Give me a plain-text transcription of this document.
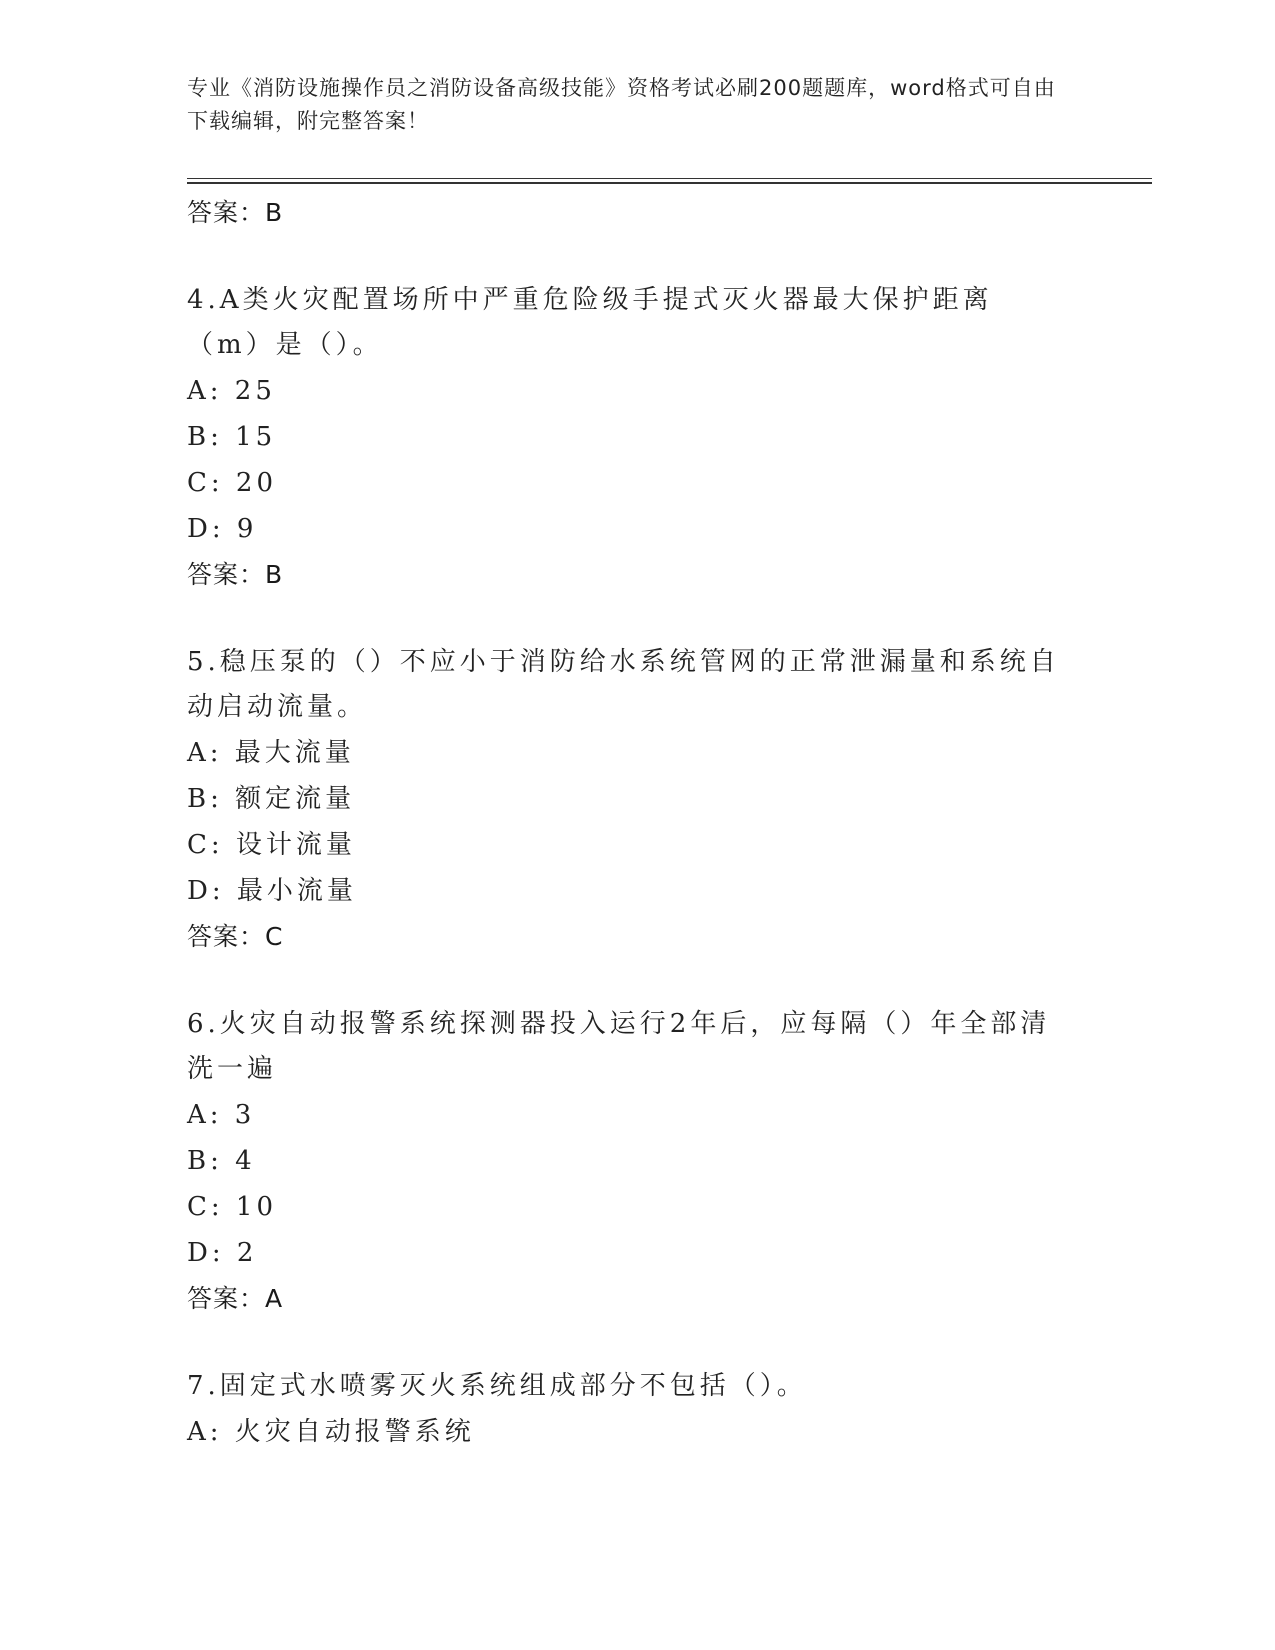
专业《消防设施操作员之消防设备高级技能》资格考试必刷200题题库，word格式可自由下载编辑，附完整答案！
答案：B
4.A类火灾配置场所中严重危险级手提式灭火器最大保护距离（m）是（）。
A: 25
B: 15
C: 20
D: 9
答案：B
5.稳压泵的（）不应小于消防给水系统管网的正常泄漏量和系统自动启动流量。
A: 最大流量
B: 额定流量
C: 设计流量
D: 最小流量
答案：C
6.火灾自动报警系统探测器投入运行2年后，应每隔（）年全部清洗一遍
A: 3
B: 4
C: 10
D: 2
答案：A
7.固定式水喷雾灭火系统组成部分不包括（）。
A: 火灾自动报警系统
